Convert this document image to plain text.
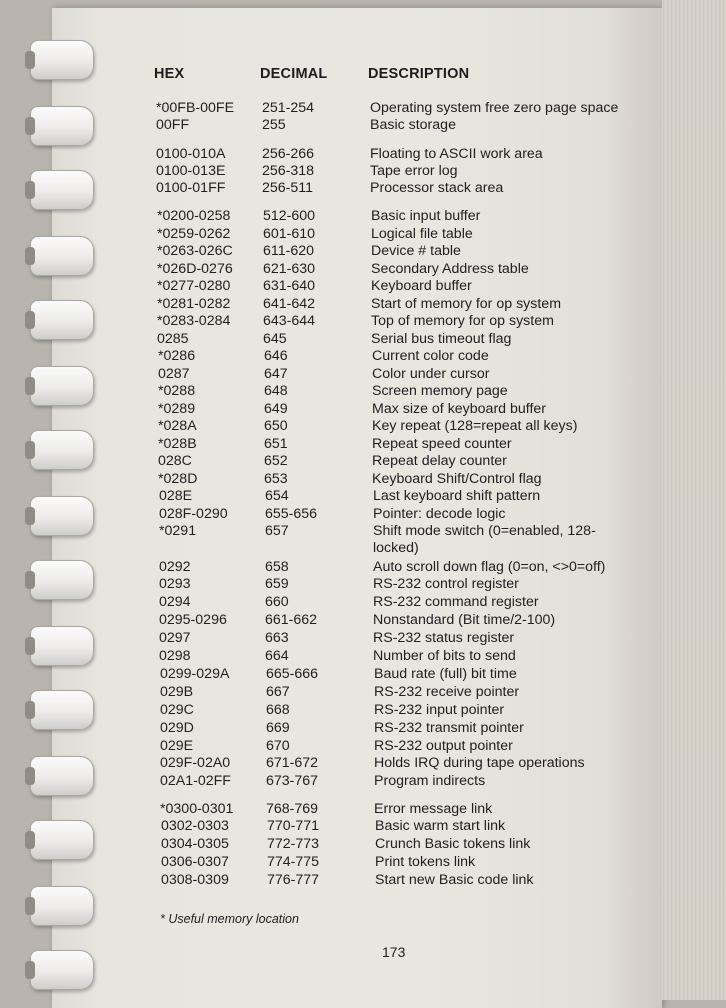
HEX	DECIMAL	DESCRIPTION
*00FB-00FE 251-254	Operating system free zero page space
00FF	255	Basic storage
0100-010A	256-266	Floating to ASCII work area
0100-013E	256-318	Tape error log
0100-01FF	256-511	Processor stack area
*0200-0258 512-600	Basic input buffer
*0259-0262 601-610	Logical file table
*0263-026C 611-620	Device # table
*026D-0276 621-630	Secondary Address table
*0277-0280 631-640	Keyboard buffer
*0281-0282 641-642	Start of memory for op system
*0283-0284 643-644	Top of memory for op system
0285	645	Serial bus timeout flag
*0286	646	Current color code
0287	647	Color under cursor
*0288	648	Screen memory page
*0289	649	Max size of keyboard buffer
*028A	650	Key repeat (128=repeat all keys)
*028B	651	Repeat speed counter
028C	652	Repeat delay counter
*028D	653	Keyboard Shift/Control flag
028E	654	Last keyboard shift pattern
028F-0290	655-656	Pointer: decode logic
*0291	657	Shift mode switch (0=enabled, 128-
locked)
0292	658	Auto scroll down flag (0=on, <>0=off)
0293	659	RS-232 control register
0294	660	RS-232 command register
0295-0296	661-662	Nonstandard (Bit time/2-100)
0297	663	RS-232 status register
0298	664	Number of bits to send
0299-029A	665-666	Baud rate (full) bit time
029B	667	RS-232 receive pointer
029C	668	RS-232 input pointer
029D	669	RS-232 transmit pointer
029E	670	RS-232 output pointer
029F-02A0	671-672	Holds IRQ during tape operations
02A1-02FF 673-767	Program indirects
*0300-0301 768-769	Error message link
0302-0303	770-771	Basic warm start link
0304-0305	772-773	Crunch Basic tokens link
0306-0307	774-775	Print tokens link
0308-0309	776-777	Start new Basic code link
* Useful memory location
173
